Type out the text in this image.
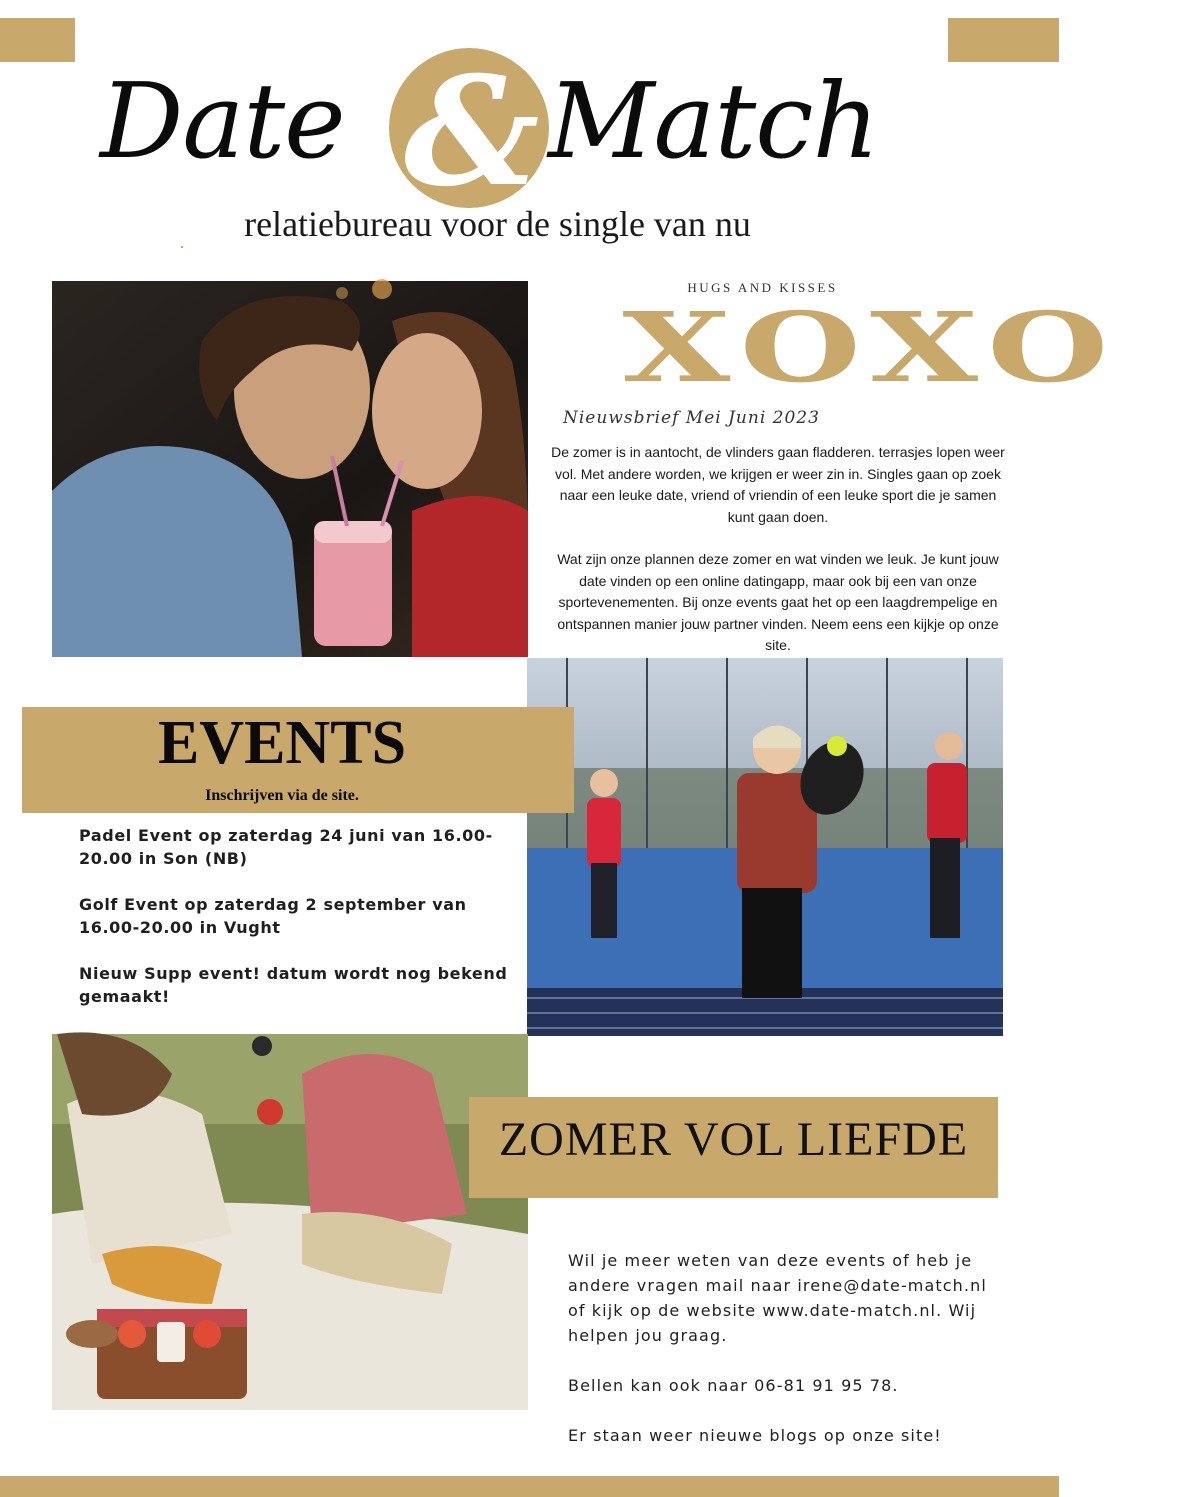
Date & Match
relatiebureau voor de single van nu
HUGS AND KISSES
XOXO
Nieuwsbrief Mei Juni 2023

De zomer is in aantocht, de vlinders gaan fladderen. terrasjes lopen weer vol. Met andere worden, we krijgen er weer zin in. Singles gaan op zoek naar een leuke date, vriend of vriendin of een leuke sport die je samen kunt gaan doen.

Wat zijn onze plannen deze zomer en wat vinden we leuk. Je kunt jouw date vinden op een online datingapp, maar ook bij een van onze sportevenementen. Bij onze events gaat het op een laagdrempelige en ontspannen manier jouw partner vinden. Neem eens een kijkje op onze site.

EVENTS
Inschrijven via de site.
Padel Event op zaterdag 24 juni van 16.00-20.00 in Son (NB)
Golf Event op zaterdag 2 september van 16.00-20.00 in Vught
Nieuw Supp event! datum wordt nog bekend gemaakt!
ZOMER VOL LIEFDE

Wil je meer weten van deze events of heb je andere vragen mail naar irene@date-match.nl of kijk op de website www.date-match.nl. Wij helpen jou graag.

Bellen kan ook naar 06-81 91 95 78.

Er staan weer nieuwe blogs op onze site!
